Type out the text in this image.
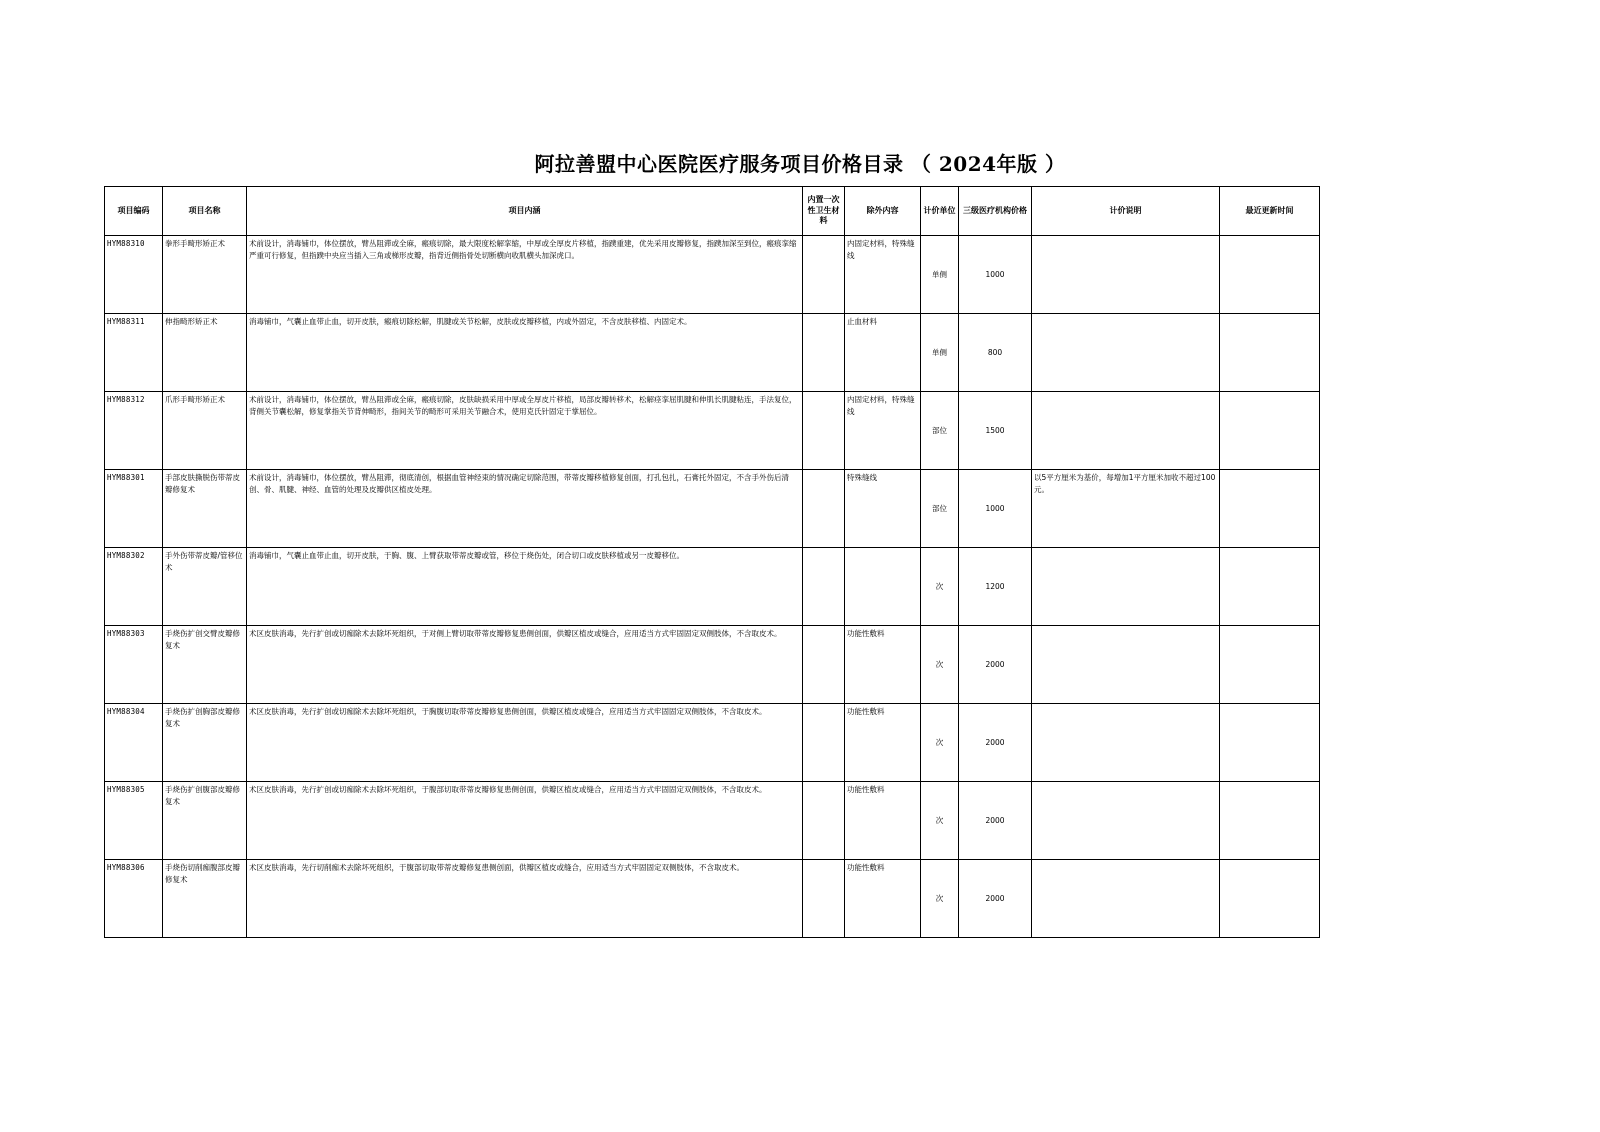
阿拉善盟中心医院医疗服务项目价格目录 （ 2024年版 ）
项目编码	项目名称	项目内涵	内置一次性卫生材料	除外内容	计价单位	三级医疗机构价格	计价说明	最近更新时间
HYM88310	拳形手畸形矫正术	术前设计，消毒铺巾，体位摆放，臂丛阻滞或全麻，瘢痕切除，最大限度松解挛缩，中厚或全厚皮片移植，指蹼重建，优先采用皮瓣修复，指蹼加深至到位，瘢痕挛缩严重可行修复，但指蹼中央应当插入三角或梯形皮瓣，指背近侧指骨处切断横向收肌横头加深虎口。		内固定材料，特殊缝线	单侧	1000		
HYM88311	伸指畸形矫正术	消毒铺巾，气囊止血带止血，切开皮肤，瘢痕切除松解，肌腱或关节松解，皮肤或皮瓣移植，内或外固定，不含皮肤移植、内固定术。		止血材料	单侧	800		
HYM88312	爪形手畸形矫正术	术前设计，消毒铺巾，体位摆放，臂丛阻滞或全麻，瘢痕切除，皮肤缺损采用中厚或全厚皮片移植，局部皮瓣转移术，松解痉挛屈肌腱和伸肌长肌腱粘连，手法复位，背侧关节囊松解，修复掌指关节背伸畸形，指间关节的畸形可采用关节融合术，使用克氏针固定于掌屈位。		内固定材料，特殊缝线	部位	1500		
HYM88301	手部皮肤撕脱伤带蒂皮瓣修复术	术前设计，消毒铺巾，体位摆放，臂丛阻滞，彻底清创，根据血管神经束的情况确定切除范围，带蒂皮瓣移植修复创面，打孔包扎，石膏托外固定，不含手外伤后清创、骨、肌腱、神经、血管的处理及皮瓣供区植皮处理。		特殊缝线	部位	1000	以5平方厘米为基价，每增加1平方厘米加收不超过100元。	
HYM88302	手外伤带蒂皮瓣/管移位术	消毒铺巾，气囊止血带止血，切开皮肤，于胸、腹、上臂获取带蒂皮瓣或管，移位于烧伤处，闭合切口或皮肤移植或另一皮瓣移位。			次	1200		
HYM88303	手烧伤扩创交臂皮瓣修复术	术区皮肤消毒，先行扩创或切痂除术去除坏死组织，于对侧上臂切取带蒂皮瓣修复患侧创面，供瓣区植皮或缝合，应用适当方式牢固固定双侧肢体，不含取皮术。		功能性敷料	次	2000		
HYM88304	手烧伤扩创胸部皮瓣修复术	术区皮肤消毒，先行扩创或切痂除术去除坏死组织，于胸腹切取带蒂皮瓣修复患侧创面，供瓣区植皮或缝合，应用适当方式牢固固定双侧肢体，不含取皮术。		功能性敷料	次	2000		
HYM88305	手烧伤扩创腹部皮瓣修复术	术区皮肤消毒，先行扩创或切痂除术去除坏死组织，于腹部切取带蒂皮瓣修复患侧创面，供瓣区植皮或缝合，应用适当方式牢固固定双侧肢体，不含取皮术。		功能性敷料	次	2000		
HYM88306	手烧伤切削痂腹部皮瓣修复术	术区皮肤消毒，先行切削痂术去除坏死组织，于腹部切取带蒂皮瓣修复患侧创面，供瓣区植皮或缝合，应用适当方式牢固固定双侧肢体，不含取皮术。		功能性敷料	次	2000		
